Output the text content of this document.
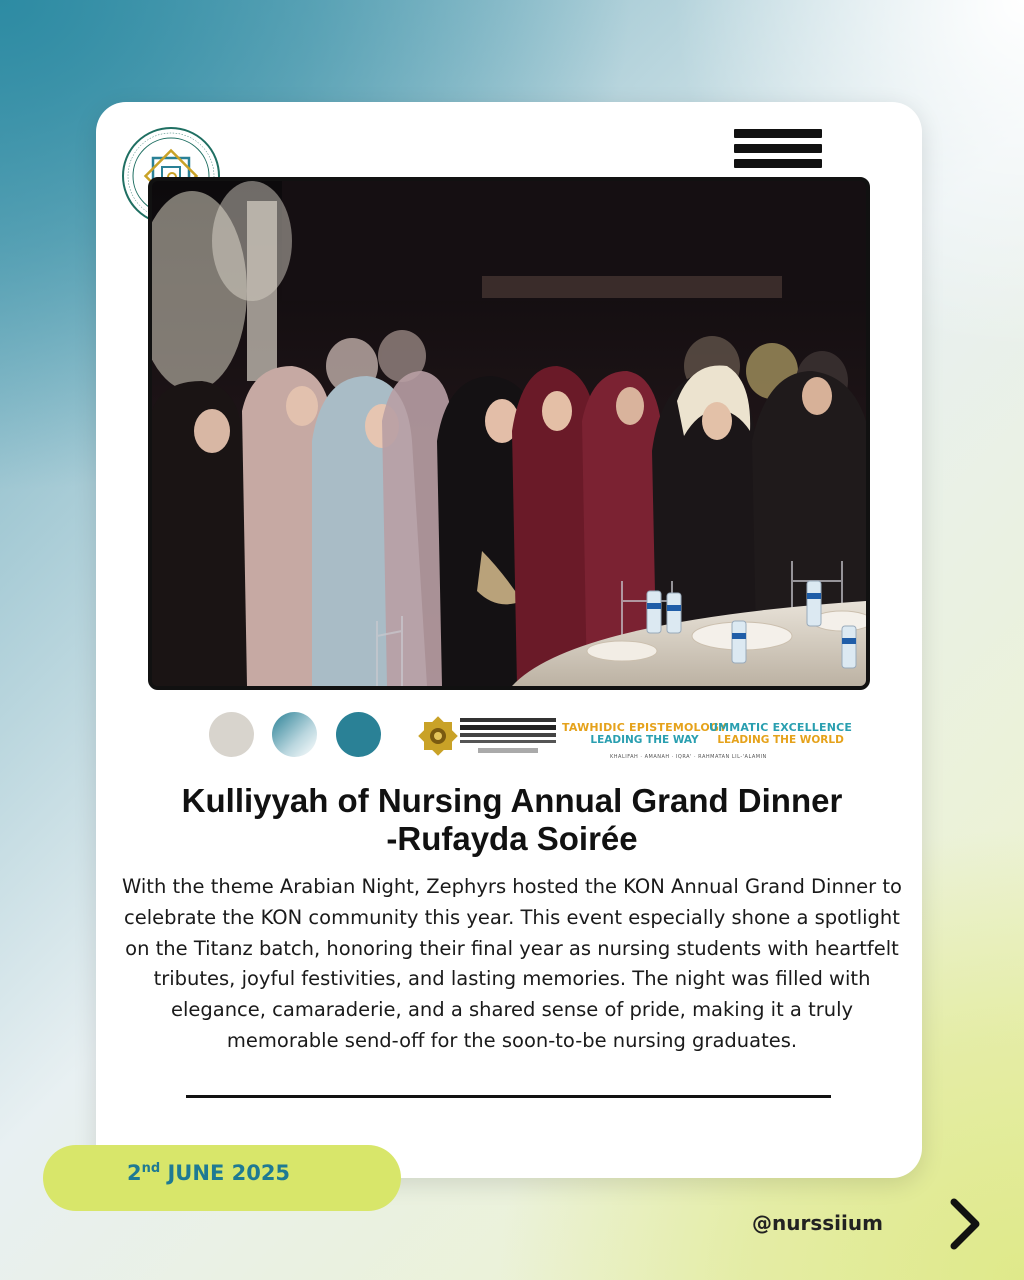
TAWHIDIC EPISTEMOLOGY
LEADING THE WAY
UMMATIC EXCELLENCE
LEADING THE WORLD
KHALIFAH · AMANAH · IQRA' · RAHMATAN LIL-'ALAMIN
Kulliyyah of Nursing Annual Grand Dinner
-Rufayda Soirée
With the theme Arabian Night, Zephyrs hosted the KON Annual Grand Dinner to celebrate the KON community this year. This event especially shone a spotlight on the Titanz batch, honoring their final year as nursing students with heartfelt tributes, joyful festivities, and lasting memories. The night was filled with elegance, camaraderie, and a shared sense of pride, making it a truly memorable send-off for the soon-to-be nursing graduates.
2nd JUNE 2025
@nurssiium
